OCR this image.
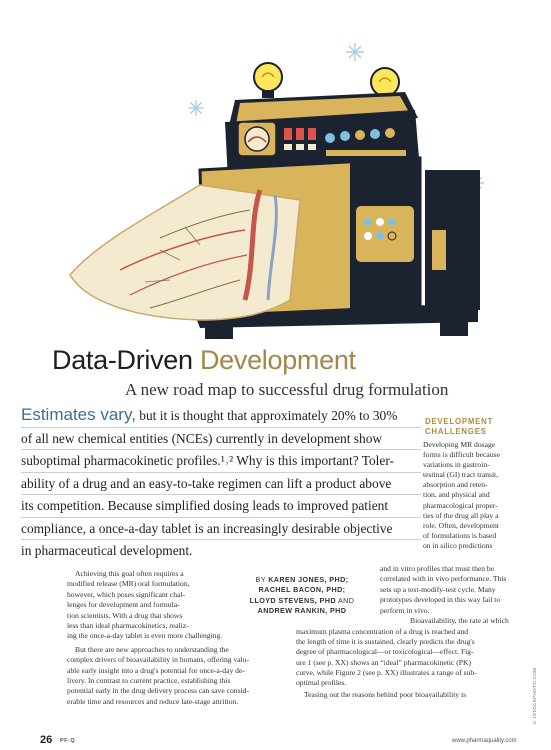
Data-Driven Development
A new road map to successful drug formulation
Estimates vary, but it is thought that approximately 20% to 30%
of all new chemical entities (NCEs) currently in development show
suboptimal pharmacokinetic profiles.¹˒² Why is this important? Toler-
ability of a drug and an easy-to-take regimen can lift a product above
its competition. Because simplified dosing leads to improved patient
compliance, a once-a-day tablet is an increasingly desirable objective
in pharmaceutical development.
DEVELOPMENT
CHALLENGES
Developing MR dosage
forms is difficult because
variations in gastroin-
testinal (GI) tract transit,
absorption and reten-
tion, and physical and
pharmacological proper-
ties of the drug all play a
role. Often, development
of formulations is based
on in silico predictions
Achieving this goal often requires a
modified release (MR) oral formulation,
however, which poses significant chal-
lenges for development and formula-
tion scientists. With a drug that shows
less than ideal pharmacokinetics, realiz-
ing the once-a-day tablet is even more challenging.
But there are new approaches to understanding the
complex drivers of bioavailability in humans, offering valu-
able early insight into a drug's potential for once-a-day de-
livery. In contrast to current practice, establishing this
potential early in the drug delivery process can save consid-
erable time and resources and reduce late-stage attrition.
BY KAREN JONES, PHD;
RACHEL BACON, PHD;
LLOYD STEVENS, PHD AND
ANDREW RANKIN, PHD
and in vitro profiles that must then be
correlated with in vivo performance. This
sets up a test-modify-test cycle. Many
prototypes developed in this way fail to
perform in vivo.
Bioavailability, the rate at which
maximum plasma concentration of a drug is reached and
the length of time it is sustained, clearly predicts the drug's
degree of pharmacological—or toxicological—effect. Fig-
ure 1 (see p. XX) shows an “ideal” pharmacokinetic (PK)
curve, while Figure 2 (see p. XX) illustrates a range of sub-
optimal profiles.
Teasing out the reasons behind poor bioavailability is	© ISTOCKPHOTO.COM
26 PF·Q	www.pharmaquality.com
